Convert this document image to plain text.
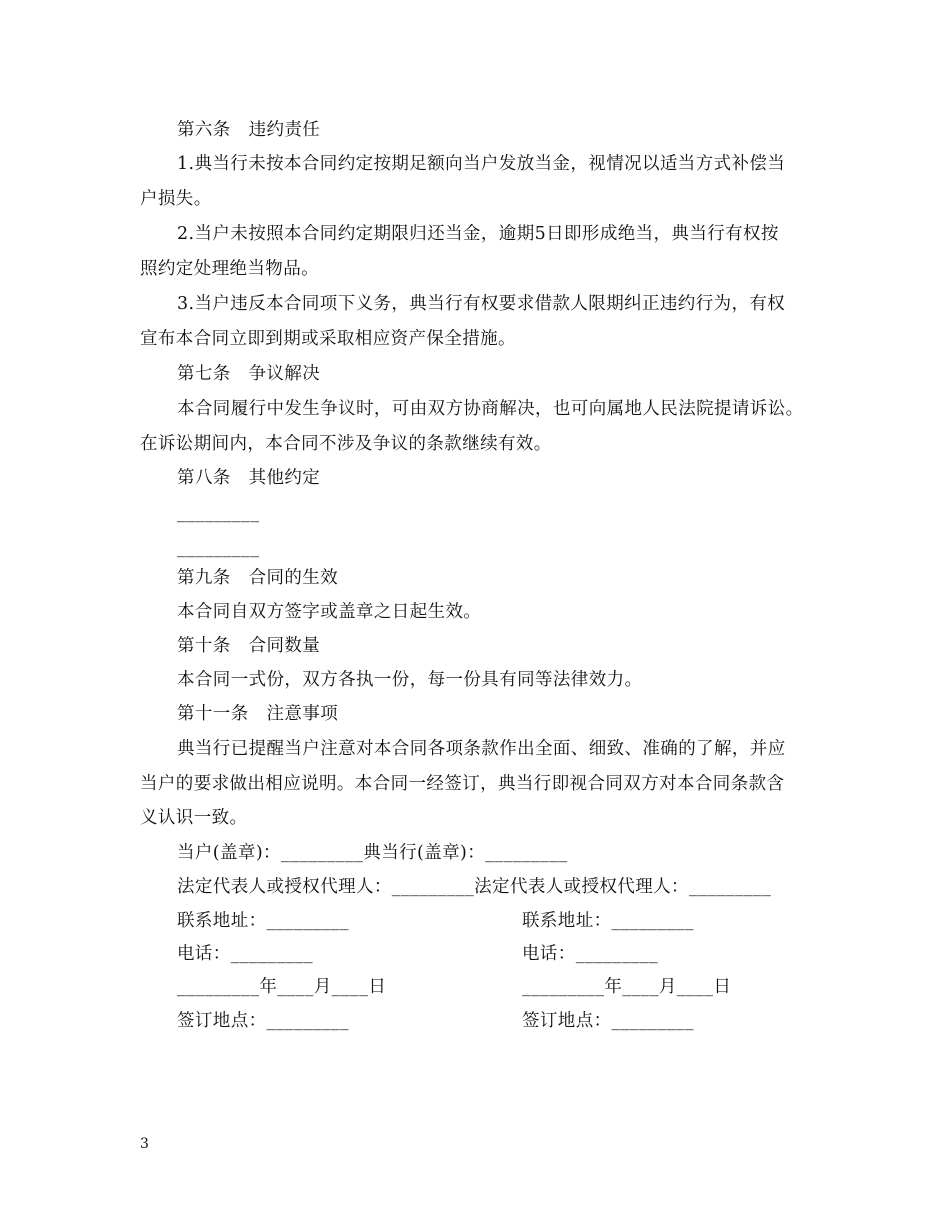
第六条　违约责任
1.典当行未按本合同约定按期足额向当户发放当金，视情况以适当方式补偿当
户损失。
2.当户未按照本合同约定期限归还当金，逾期5日即形成绝当，典当行有权按
照约定处理绝当物品。
3.当户违反本合同项下义务，典当行有权要求借款人限期纠正违约行为，有权
宣布本合同立即到期或采取相应资产保全措施。
第七条　争议解决
本合同履行中发生争议时，可由双方协商解决，也可向属地人民法院提请诉讼。
在诉讼期间内，本合同不涉及争议的条款继续有效。
第八条　其他约定
_________
_________
第九条　合同的生效
本合同自双方签字或盖章之日起生效。
第十条　合同数量
本合同一式份，双方各执一份，每一份具有同等法律效力。
第十一条　注意事项
典当行已提醒当户注意对本合同各项条款作出全面、细致、准确的了解，并应
当户的要求做出相应说明。本合同一经签订，典当行即视合同双方对本合同条款含
义认识一致。
当户(盖章)：_________典当行(盖章)：_________
法定代表人或授权代理人：_________法定代表人或授权代理人：_________
联系地址：_________	联系地址：_________
电话：_________	电话：_________
_________年____月____日	_________年____月____日
签订地点：_________	签订地点：_________
3
